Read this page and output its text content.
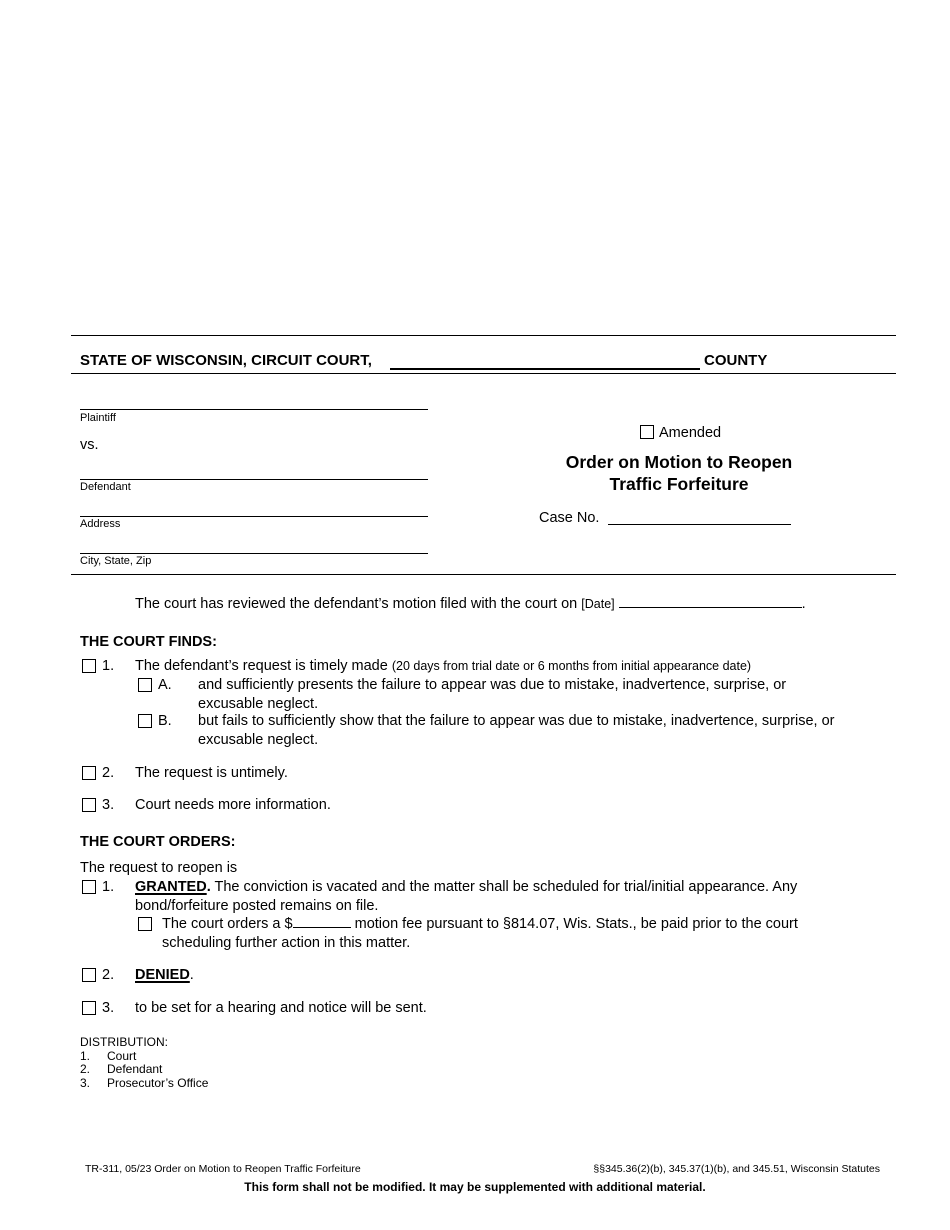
STATE OF WISCONSIN, CIRCUIT COURT,	COUNTY
Plaintiff
vs.
Defendant
Address
City, State, Zip
Amended
Order on Motion to Reopen
Traffic Forfeiture
Case No.
The court has reviewed the defendant’s motion filed with the court on [Date]	.
THE COURT FINDS:
1. The defendant’s request is timely made (20 days from trial date or 6 months from initial appearance date)
A. and sufficiently presents the failure to appear was due to mistake, inadvertence, surprise, or
excusable neglect.
B. but fails to sufficiently show that the failure to appear was due to mistake, inadvertence, surprise, or
excusable neglect.
2. The request is untimely.
3. Court needs more information.
THE COURT ORDERS:
The request to reopen is
1. GRANTED. The conviction is vacated and the matter shall be scheduled for trial/initial appearance. Any
bond/forfeiture posted remains on file.
The court orders a $	motion fee pursuant to §814.07, Wis. Stats., be paid prior to the court
scheduling further action in this matter.
2. DENIED.
3. to be set for a hearing and notice will be sent.
DISTRIBUTION:
1. Court
2. Defendant
3. Prosecutor’s Office
TR-311, 05/23 Order on Motion to Reopen Traffic Forfeiture	§§345.36(2)(b), 345.37(1)(b), and 345.51, Wisconsin Statutes
This form shall not be modified. It may be supplemented with additional material.
